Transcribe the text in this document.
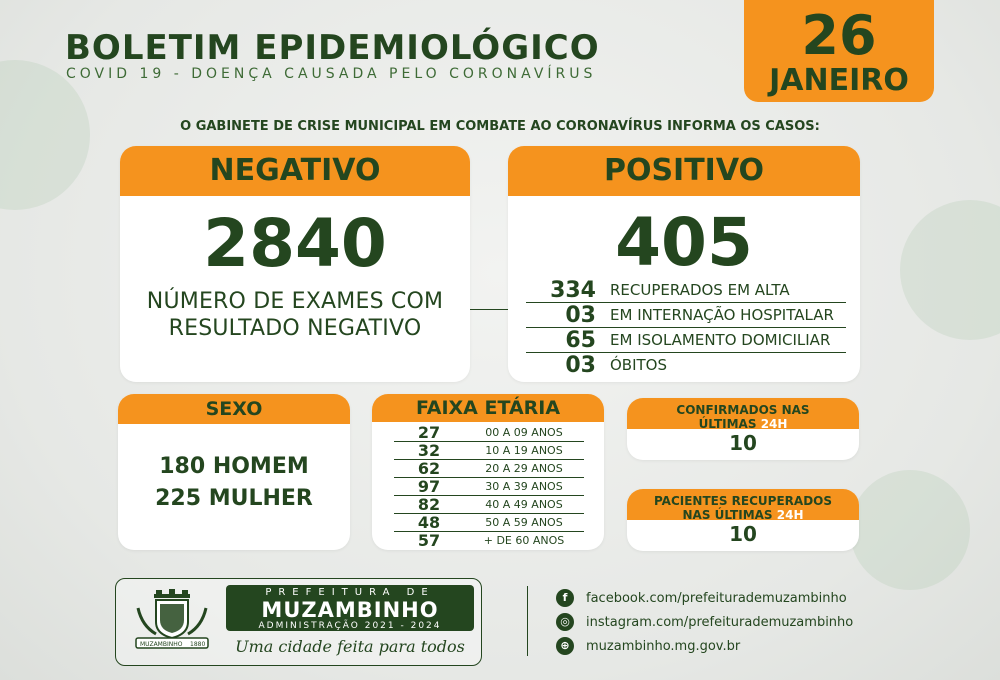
BOLETIM EPIDEMIOLÓGICO
COVID 19 - DOENÇA CAUSADA PELO CORONAVÍRUS
26
JANEIRO
O GABINETE DE CRISE MUNICIPAL EM COMBATE AO CORONAVÍRUS INFORMA OS CASOS:
NEGATIVO
2840
NÚMERO DE EXAMES COM
RESULTADO NEGATIVO
POSITIVO
405
334 RECUPERADOS EM ALTA
03 EM INTERNAÇÃO HOSPITALAR
65 EM ISOLAMENTO DOMICILIAR
03 ÓBITOS
SEXO
180 HOMEM
225 MULHER
FAIXA ETÁRIA
27	00 A 09 ANOS
32	10 A 19 ANOS
62	20 A 29 ANOS
97	30 A 39 ANOS
82	40 A 49 ANOS
48	50 A 59 ANOS
57	+ DE 60 ANOS
CONFIRMADOS NAS
ÚLTIMAS 24H
10
PACIENTES RECUPERADOS
NAS ÚLTIMAS 24H
10
MUZAMBINHO 1880
PREFEITURA DE
MUZAMBINHO
ADMINISTRAÇÃO 2021 - 2024
Uma cidade feita para todos
f	facebook.com/prefeiturademuzambinho
◎	instagram.com/prefeiturademuzambinho
⊕	muzambinho.mg.gov.br
